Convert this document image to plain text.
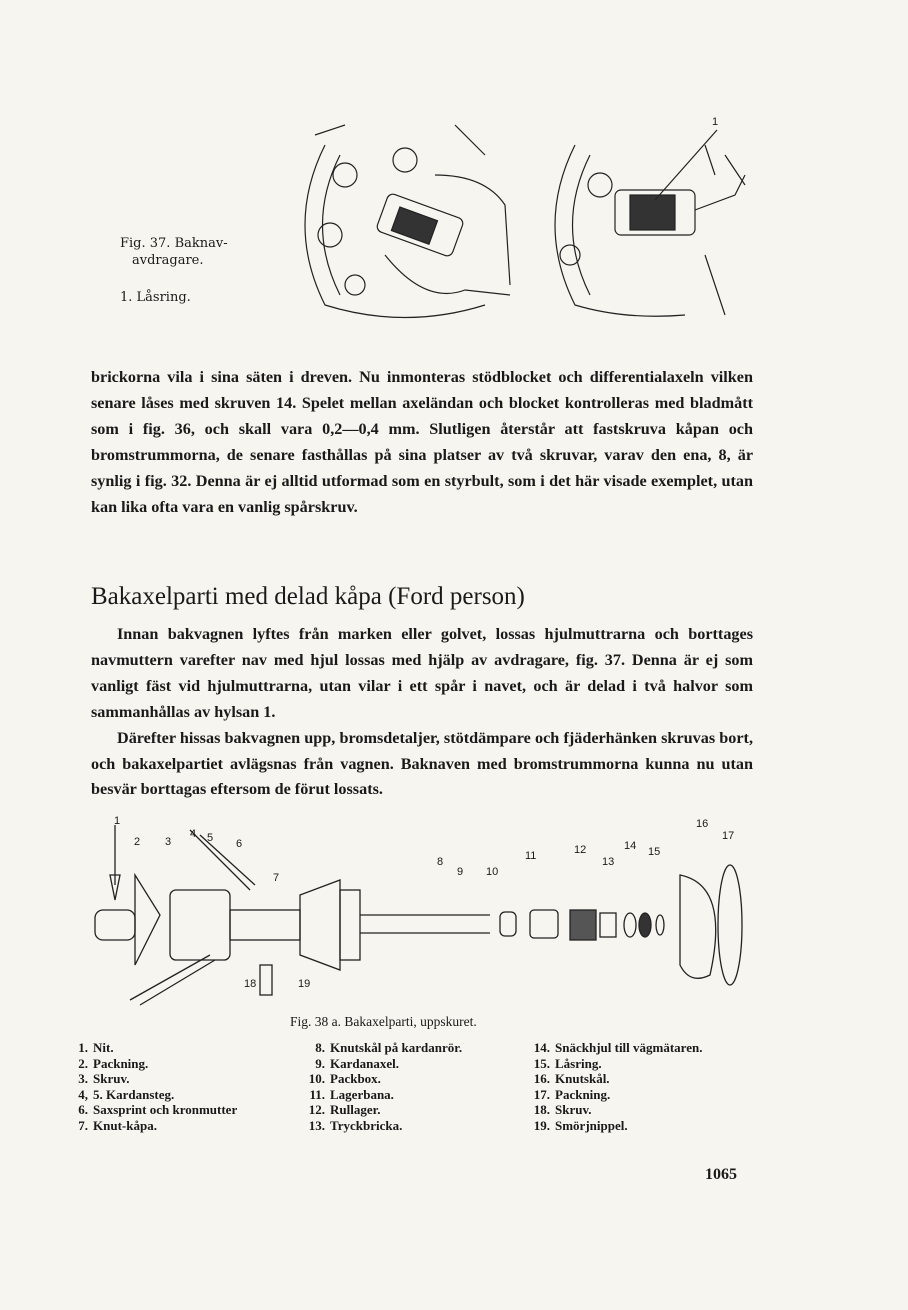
Fig. 37. Baknav-
avdragare.
1. Låsring.
1

brickorna vila i sina säten i dreven. Nu inmonteras stödblocket och differentialaxeln vilken senare låses med skruven 14. Spelet mellan axeländan och blocket kontrolleras med bladmått som i fig. 36, och skall vara 0,2—0,4 mm. Slutligen återstår att fastskruva kåpan och bromstrummorna, de senare fasthållas på sina platser av två skruvar, varav den ena, 8, är synlig i fig. 32. Denna är ej alltid utformad som en styrbult, som i det här visade exemplet, utan kan lika ofta vara en vanlig spårskruv.

Bakaxelparti med delad kåpa (Ford person)

Innan bakvagnen lyftes från marken eller golvet, lossas hjulmuttrarna och borttages navmuttern varefter nav med hjul lossas med hjälp av avdragare, fig. 37. Denna är ej som vanligt fäst vid hjulmuttrarna, utan vilar i ett spår i navet, och är delad i två halvor som sammanhållas av hylsan 1.

Därefter hissas bakvagnen upp, bromsdetaljer, stötdämpare och fjäderhänken skruvas bort, och bakaxelpartiet avlägsnas från vagnen. Baknaven med bromstrummorna kunna nu utan besvär borttagas eftersom de förut lossats.

1
2 3
4 5 6
7
8
9 10
11	12
13
14 15
16
17
18	19
Fig. 38 a. Bakaxelparti, uppskuret.
1. Nit.
2. Packning.
3. Skruv.
4, 5. Kardansteg.
6. Saxsprint och kronmutter
7. Knut-kåpa.
8. Knutskål på kardanrör.
9. Kardanaxel.
10. Packbox.
11. Lagerbana.
12. Rullager.
13. Tryckbricka.
14. Snäckhjul till vägmätaren.
15. Låsring.
16. Knutskål.
17. Packning.
18. Skruv.
19. Smörjnippel.
1065
